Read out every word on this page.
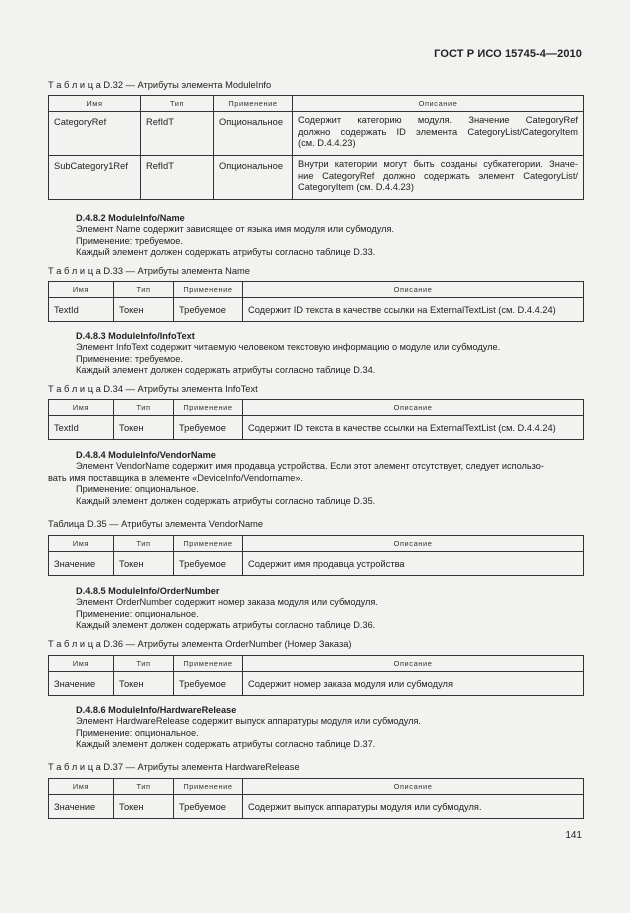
ГОСТ Р ИСО 15745-4—2010
Т а б л и ц а D.32 — Атрибуты элемента ModuleInfo
Имя	Тип	Применение	Описание
CategoryRef	RefIdT	Опциональное	Содержит категорию модуля. Значение CategoryRef
должно содержать ID элемента CategoryList/CategoryItem
(см. D.4.4.23)

SubCategory1Ref	RefIdT	Опциональное	Внутри категории могут быть созданы субкатегории. Значе-
ние CategoryRef должно содержать элемент CategoryList/
CategoryItem (см. D.4.4.23)
D.4.8.2 ModuleInfo/Name
Элемент Name содержит зависящее от языка имя модуля или субмодуля.
Применение: требуемое.
Каждый элемент должен содержать атрибуты согласно таблице D.33.
Т а б л и ц а D.33 — Атрибуты элемента Name
Имя	Тип	Применение	Описание
TextId	Токен	Требуемое	Содержит ID текста в качестве ссылки на ExternalTextList (см. D.4.4.24)
D.4.8.3 ModuleInfo/InfoText
Элемент InfoText содержит читаемую человеком текстовую информацию о модуле или субмодуле.
Применение: требуемое.
Каждый элемент должен содержать атрибуты согласно таблице D.34.
Т а б л и ц а D.34 — Атрибуты элемента InfoText
Имя	Тип	Применение	Описание
TextId	Токен	Требуемое	Содержит ID текста в качестве ссылки на ExternalTextList (см. D.4.4.24)
D.4.8.4 ModuleInfo/VendorName
Элемент VendorName содержит имя продавца устройства. Если этот элемент отсутствует, следует использо-
вать имя поставщика в элементе «DeviceInfo/Vendorname».
Применение: опциональное.
Каждый элемент должен содержать атрибуты согласно таблице D.35.
Таблица D.35 — Атрибуты элемента VendorName
Имя	Тип	Применение	Описание
Значение	Токен	Требуемое	Содержит имя продавца устройства
D.4.8.5 ModuleInfo/OrderNumber
Элемент OrderNumber содержит номер заказа модуля или субмодуля.
Применение: опциональное.
Каждый элемент должен содержать атрибуты согласно таблице D.36.
Т а б л и ц а D.36 — Атрибуты элемента OrderNumber (Номер Заказа)
Имя	Тип	Применение	Описание
Значение	Токен	Требуемое	Содержит номер заказа модуля или субмодуля
D.4.8.6 ModuleInfo/HardwareRelease
Элемент HardwareRelease содержит выпуск аппаратуры модуля или субмодуля.
Применение: опциональное.
Каждый элемент должен содержать атрибуты согласно таблице D.37.
Т а б л и ц а D.37 — Атрибуты элемента HardwareRelease
Имя	Тип	Применение	Описание
Значение	Токен	Требуемое	Содержит выпуск аппаратуры модуля или субмодуля.
141
